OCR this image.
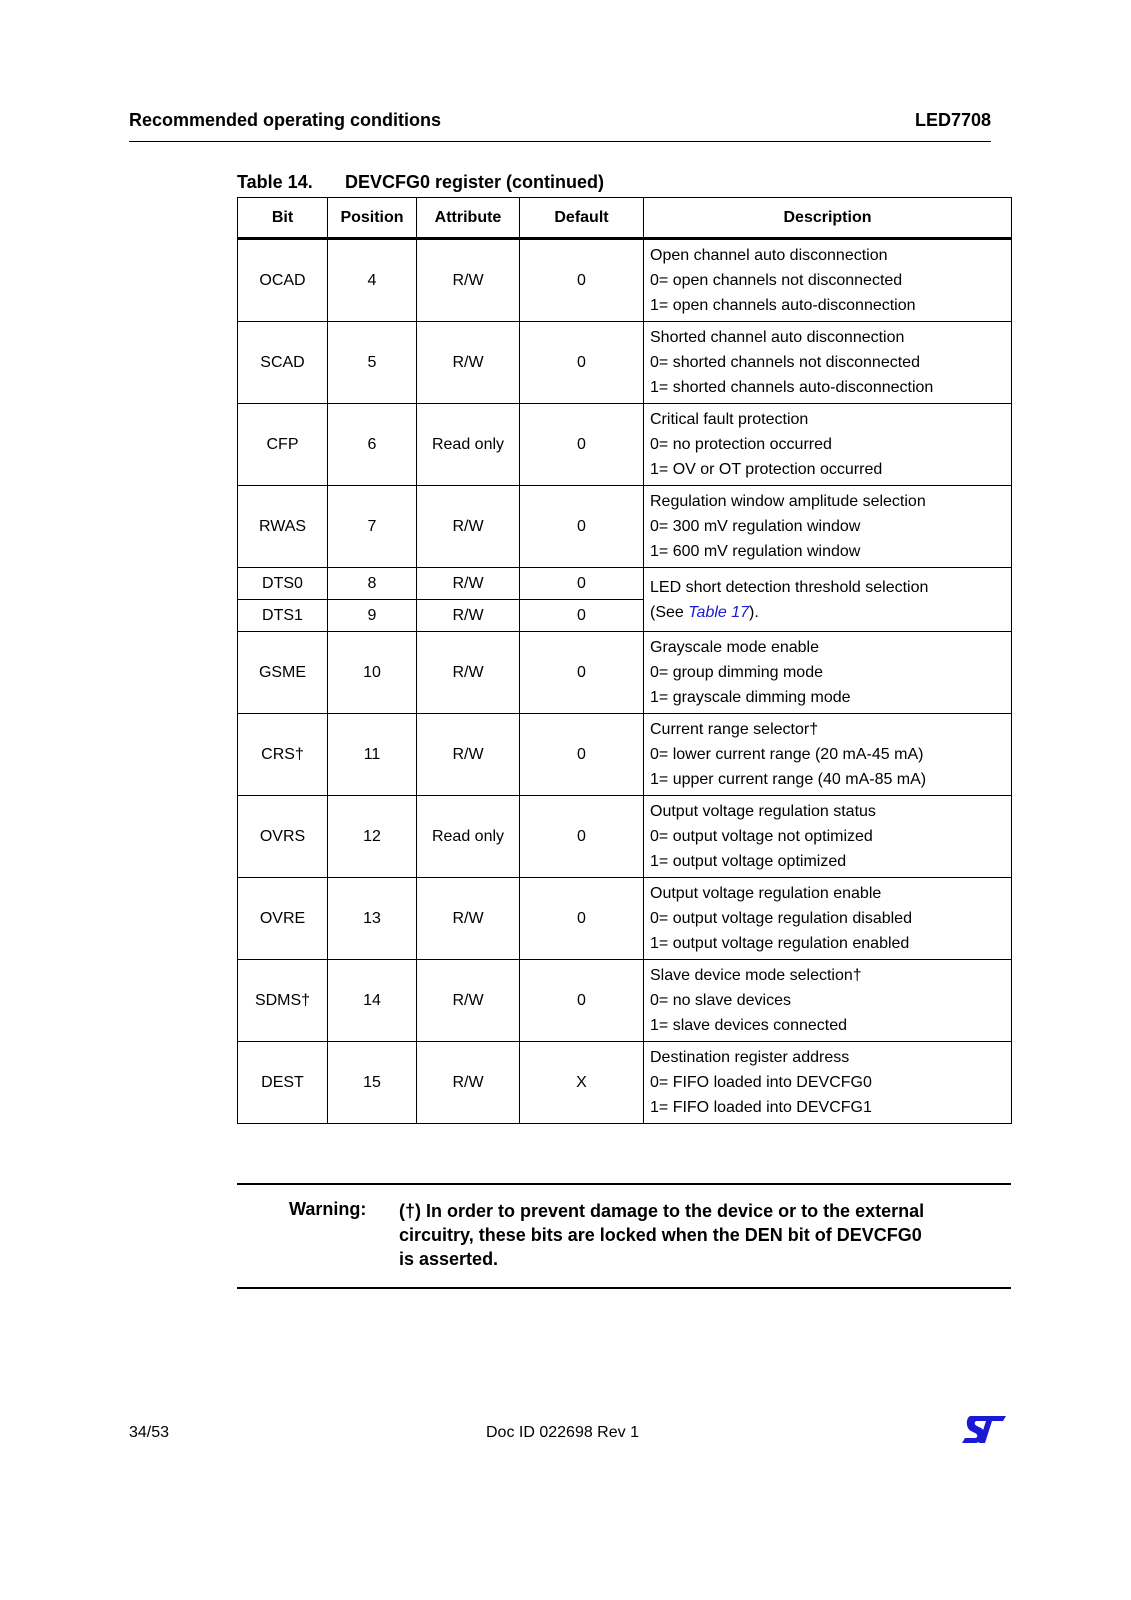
Recommended operating conditions	LED7708
Table 14. DEVCFG0 register (continued)
Bit	Position	Attribute	Default	Description
OCAD	4	R/W	0	Open channel auto disconnection
0= open channels not disconnected
1= open channels auto-disconnection

SCAD	5	R/W	0	Shorted channel auto disconnection
0= shorted channels not disconnected
1= shorted channels auto-disconnection

CFP	6	Read only	0	Critical fault protection
0= no protection occurred
1= OV or OT protection occurred

RWAS	7	R/W	0	Regulation window amplitude selection
0= 300 mV regulation window
1= 600 mV regulation window

DTS0	8	R/W	0	LED short detection threshold selection
(See Table 17).

DTS1	9	R/W	0	
GSME	10	R/W	0	Grayscale mode enable
0= group dimming mode
1= grayscale dimming mode

CRS†	11	R/W	0	Current range selector†
0= lower current range (20 mA-45 mA)
1= upper current range (40 mA-85 mA)

OVRS	12	Read only	0	Output voltage regulation status
0= output voltage not optimized
1= output voltage optimized

OVRE	13	R/W	0	Output voltage regulation enable
0= output voltage regulation disabled
1= output voltage regulation enabled

SDMS†	14	R/W	0	Slave device mode selection†
0= no slave devices
1= slave devices connected

DEST	15	R/W	X	Destination register address
0= FIFO loaded into DEVCFG0
1= FIFO loaded into DEVCFG1
Warning: (†) In order to prevent damage to the device or to the external
circuitry, these bits are locked when the DEN bit of DEVCFG0
is asserted.
34/53	Doc ID 022698 Rev 1
